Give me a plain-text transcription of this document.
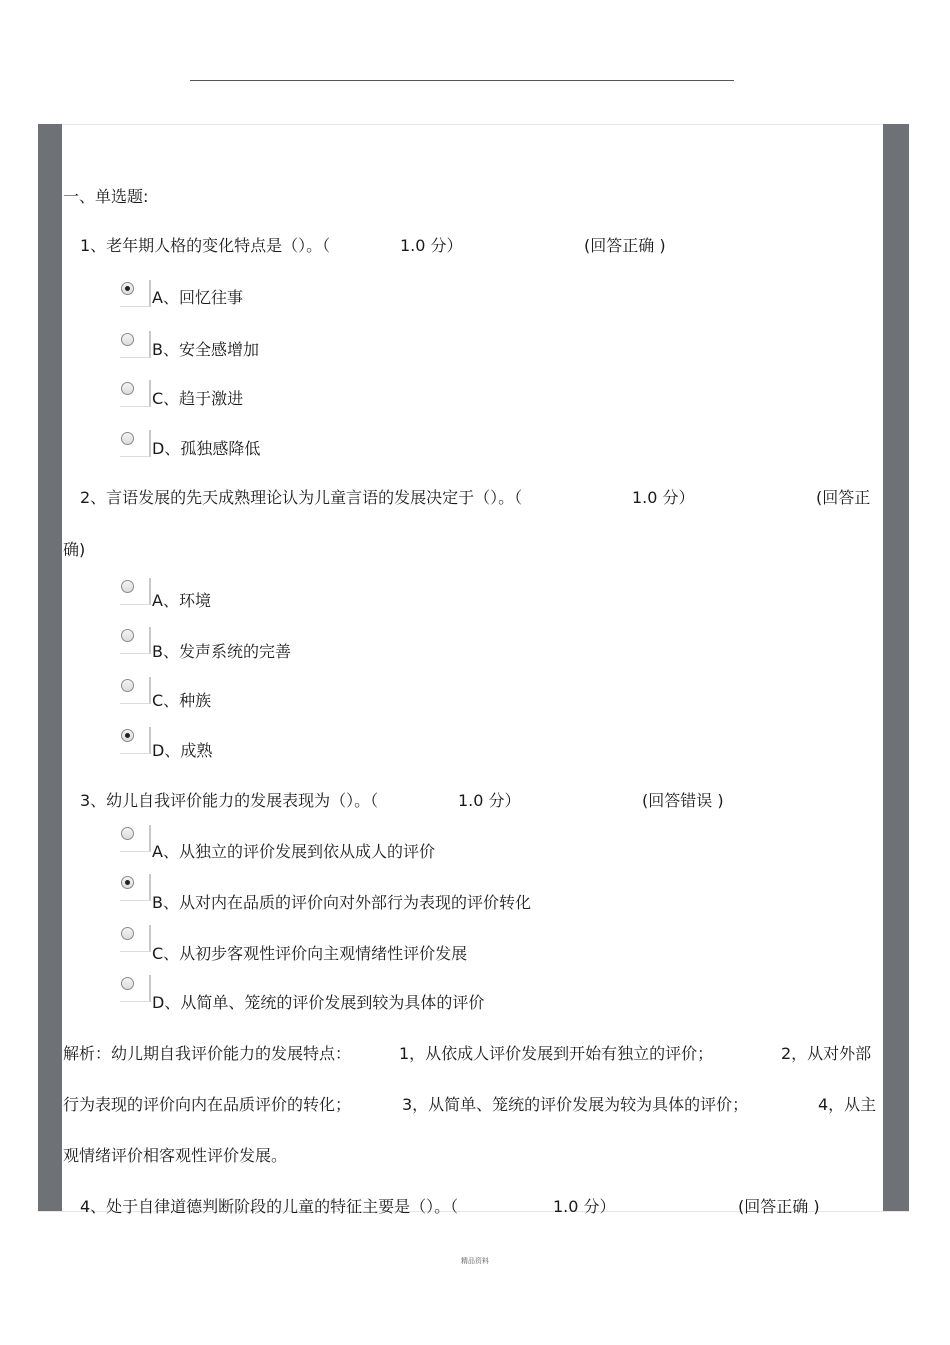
一、单选题:
1、老年期人格的变化特点是（）。（	1.0 分）	(回答正确 )
A、回忆往事
B、安全感增加
C、趋于激进
D、孤独感降低
2、言语发展的先天成熟理论认为儿童言语的发展决定于（）。（	1.0 分）	(回答正
确)
A、环境
B、发声系统的完善
C、种族
D、成熟
3、幼儿自我评价能力的发展表现为（）。（	1.0 分）	(回答错误 )
A、从独立的评价发展到依从成人的评价
B、从对内在品质的评价向对外部行为表现的评价转化
C、从初步客观性评价向主观情绪性评价发展
D、从简单、笼统的评价发展到较为具体的评价
解析：幼儿期自我评价能力的发展特点：	1，从依成人评价发展到开始有独立的评价；	2，从对外部
行为表现的评价向内在品质评价的转化；	3，从简单、笼统的评价发展为较为具体的评价；	4，从主
观情绪评价相客观性评价发展。
4、处于自律道德判断阶段的儿童的特征主要是（）。（	1.0 分）	(回答正确 )
精品资料
